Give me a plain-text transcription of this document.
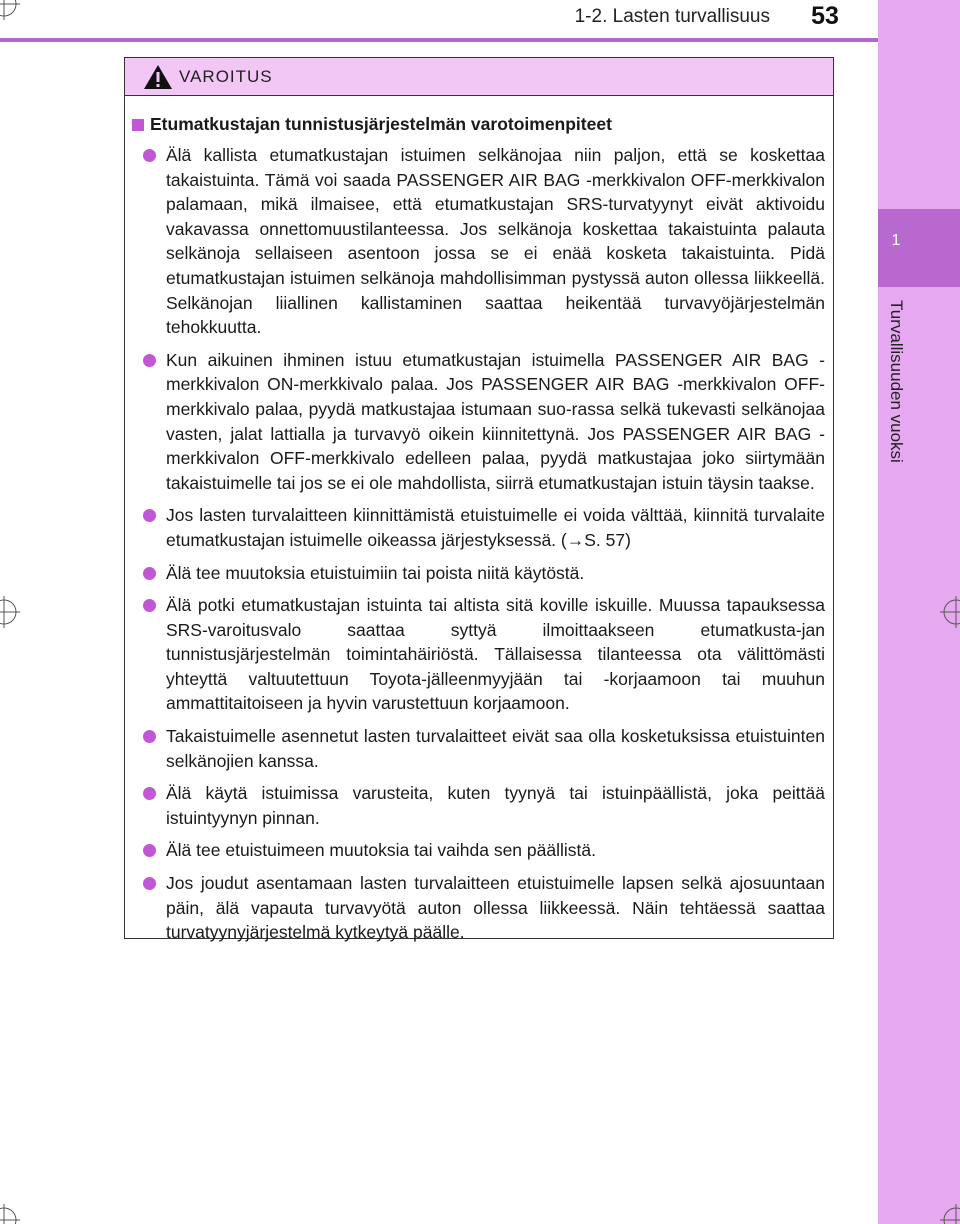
1-2. Lasten turvallisuus	53
1
Turvallisuuden vuoksi
VAROITUS
Etumatkustajan tunnistusjärjestelmän varotoimenpiteet
Älä kallista etumatkustajan istuimen selkänojaa niin paljon, että se koskettaa takaistuinta. Tämä voi saada PASSENGER AIR BAG -merkkivalon OFF-merkkivalon palamaan, mikä ilmaisee, että etumatkustajan SRS-turvatyynyt eivät aktivoidu vakavassa onnettomuustilanteessa. Jos selkänoja koskettaa takaistuinta palauta selkänoja sellaiseen asentoon jossa se ei enää kosketa takaistuinta. Pidä etumatkustajan istuimen selkänoja mahdollisimman pystyssä auton ollessa liikkeellä. Selkänojan liiallinen kallistaminen saattaa heikentää turvavyöjärjestelmän tehokkuutta.
Kun aikuinen ihminen istuu etumatkustajan istuimella PASSENGER AIR BAG -merkkivalon ON-merkkivalo palaa. Jos PASSENGER AIR BAG -merkkivalon OFF-merkkivalo palaa, pyydä matkustajaa istumaan suo-rassa selkä tukevasti selkänojaa vasten, jalat lattialla ja turvavyö oikein kiinnitettynä. Jos PASSENGER AIR BAG -merkkivalon OFF-merkkivalo edelleen palaa, pyydä matkustajaa joko siirtymään takaistuimelle tai jos se ei ole mahdollista, siirrä etumatkustajan istuin täysin taakse.
Jos lasten turvalaitteen kiinnittämistä etuistuimelle ei voida välttää, kiinnitä turvalaite etumatkustajan istuimelle oikeassa järjestyksessä. (→S. 57)
Älä tee muutoksia etuistuimiin tai poista niitä käytöstä.
Älä potki etumatkustajan istuinta tai altista sitä koville iskuille. Muussa tapauksessa SRS-varoitusvalo saattaa syttyä ilmoittaakseen etumatkusta-jan tunnistusjärjestelmän toimintahäiriöstä. Tällaisessa tilanteessa ota välittömästi yhteyttä valtuutettuun Toyota-jälleenmyyjään tai -korjaamoon tai muuhun ammattitaitoiseen ja hyvin varustettuun korjaamoon.
Takaistuimelle asennetut lasten turvalaitteet eivät saa olla kosketuksissa etuistuinten selkänojien kanssa.
Älä käytä istuimissa varusteita, kuten tyynyä tai istuinpäällistä, joka peittää istuintyynyn pinnan.
Älä tee etuistuimeen muutoksia tai vaihda sen päällistä.
Jos joudut asentamaan lasten turvalaitteen etuistuimelle lapsen selkä ajosuuntaan päin, älä vapauta turvavyötä auton ollessa liikkeessä. Näin tehtäessä saattaa turvatyynyjärjestelmä kytkeytyä päälle.
